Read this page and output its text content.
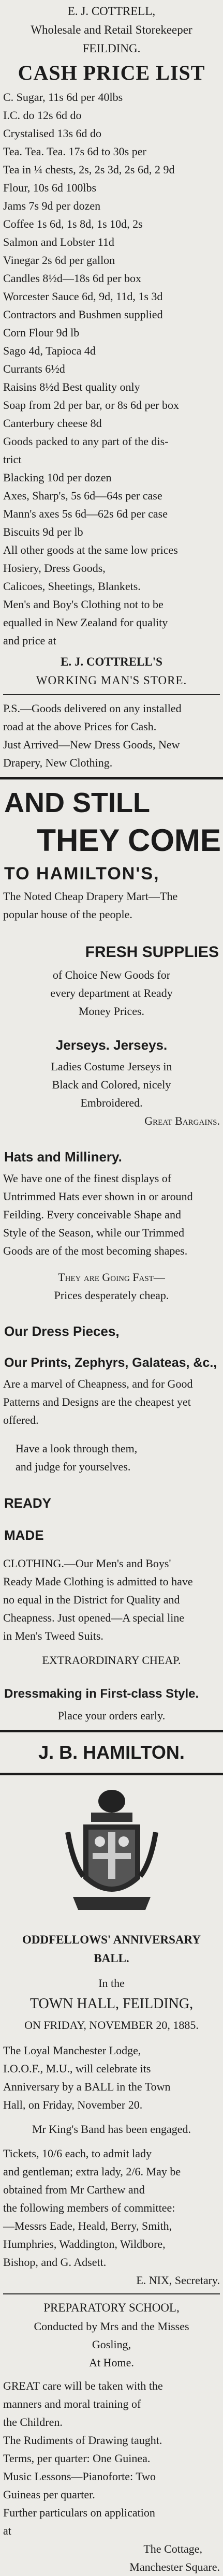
E. J. COTTRELL,
Wholesale and Retail Storekeeper
FEILDING.
CASH PRICE LIST
C. Sugar, 11s 6d per 40lbs
I.C. do 12s 6d do
Crystalised 13s 6d do
Tea. Tea. Tea. 17s 6d to 30s per
Tea in ¼ chests, 2s, 2s 3d, 2s 6d, 2 9d
Flour, 10s 6d 100lbs
Jams 7s 9d per dozen
Coffee 1s 6d, 1s 8d, 1s 10d, 2s
Salmon and Lobster 11d
Vinegar 2s 6d per gallon
Candles 8½d—18s 6d per box
Worcester Sauce 6d, 9d, 11d, 1s 3d
Contractors and Bushmen supplied
Corn Flour 9d lb
Sago 4d, Tapioca 4d
Currants 6½d
Raisins 8½d Best quality only
Soap from 2d per bar, or 8s 6d per box
Canterbury cheese 8d
Goods packed to any part of the dis-
trict
Blacking 10d per dozen
Axes, Sharp's, 5s 6d—64s per case
Mann's axes 5s 6d—62s 6d per case
Biscuits 9d per lb
All other goods at the same low prices
Hosiery, Dress Goods,
Calicoes, Sheetings, Blankets.
Men's and Boy's Clothing not to be
equalled in New Zealand for quality
and price at
E. J. COTTRELL'S
WORKING MAN'S STORE.
P.S.—Goods delivered on any installed
road at the above Prices for Cash.
Just Arrived—New Dress Goods, New
Drapery, New Clothing.
AND STILL
THEY COME
TO HAMILTON'S,
The Noted Cheap Drapery Mart—The
popular house of the people.
FRESH SUPPLIES
of Choice New Goods for
every department at Ready
Money Prices.
Jerseys. Jerseys.
Ladies Costume Jerseys in
Black and Colored, nicely
Embroidered.
Great Bargains.
Hats and Millinery.
We have one of the finest displays of
Untrimmed Hats ever shown in or around
Feilding. Every conceivable Shape and
Style of the Season, while our Trimmed
Goods are of the most becoming shapes.
They are Going Fast—
Prices desperately cheap.
Our Dress Pieces,
Our Prints, Zephyrs, Galateas, &c.,
Are a marvel of Cheapness, and for Good
Patterns and Designs are the cheapest yet
offered.
Have a look through them,
and judge for yourselves.
READY
MADE
CLOTHING.—Our Men's and Boys'
Ready Made Clothing is admitted to have
no equal in the District for Quality and
Cheapness. Just opened—A special line
in Men's Tweed Suits.
EXTRAORDINARY CHEAP.
Dressmaking in First-class Style.
Place your orders early.
J. B. HAMILTON.
ODDFELLOWS' ANNIVERSARY
BALL.
In the
TOWN HALL, FEILDING,
ON FRIDAY, NOVEMBER 20, 1885.
The Loyal Manchester Lodge,
I.O.O.F., M.U., will celebrate its
Anniversary by a BALL in the Town
Hall, on Friday, November 20.
Mr King's Band has been engaged.
Tickets, 10/6 each, to admit lady
and gentleman; extra lady, 2/6. May be
obtained from Mr Carthew and
the following members of committee:
—Messrs Eade, Heald, Berry, Smith,
Humphries, Waddington, Wildbore,
Bishop, and G. Adsett.
E. NIX, Secretary.
PREPARATORY SCHOOL,
Conducted by Mrs and the Misses
Gosling,
At Home.
GREAT care will be taken with the
manners and moral training of
the Children.
The Rudiments of Drawing taught.
Terms, per quarter: One Guinea.
Music Lessons—Pianoforte: Two
Guineas per quarter.
Further particulars on application
at
The Cottage,
Manchester Square.
